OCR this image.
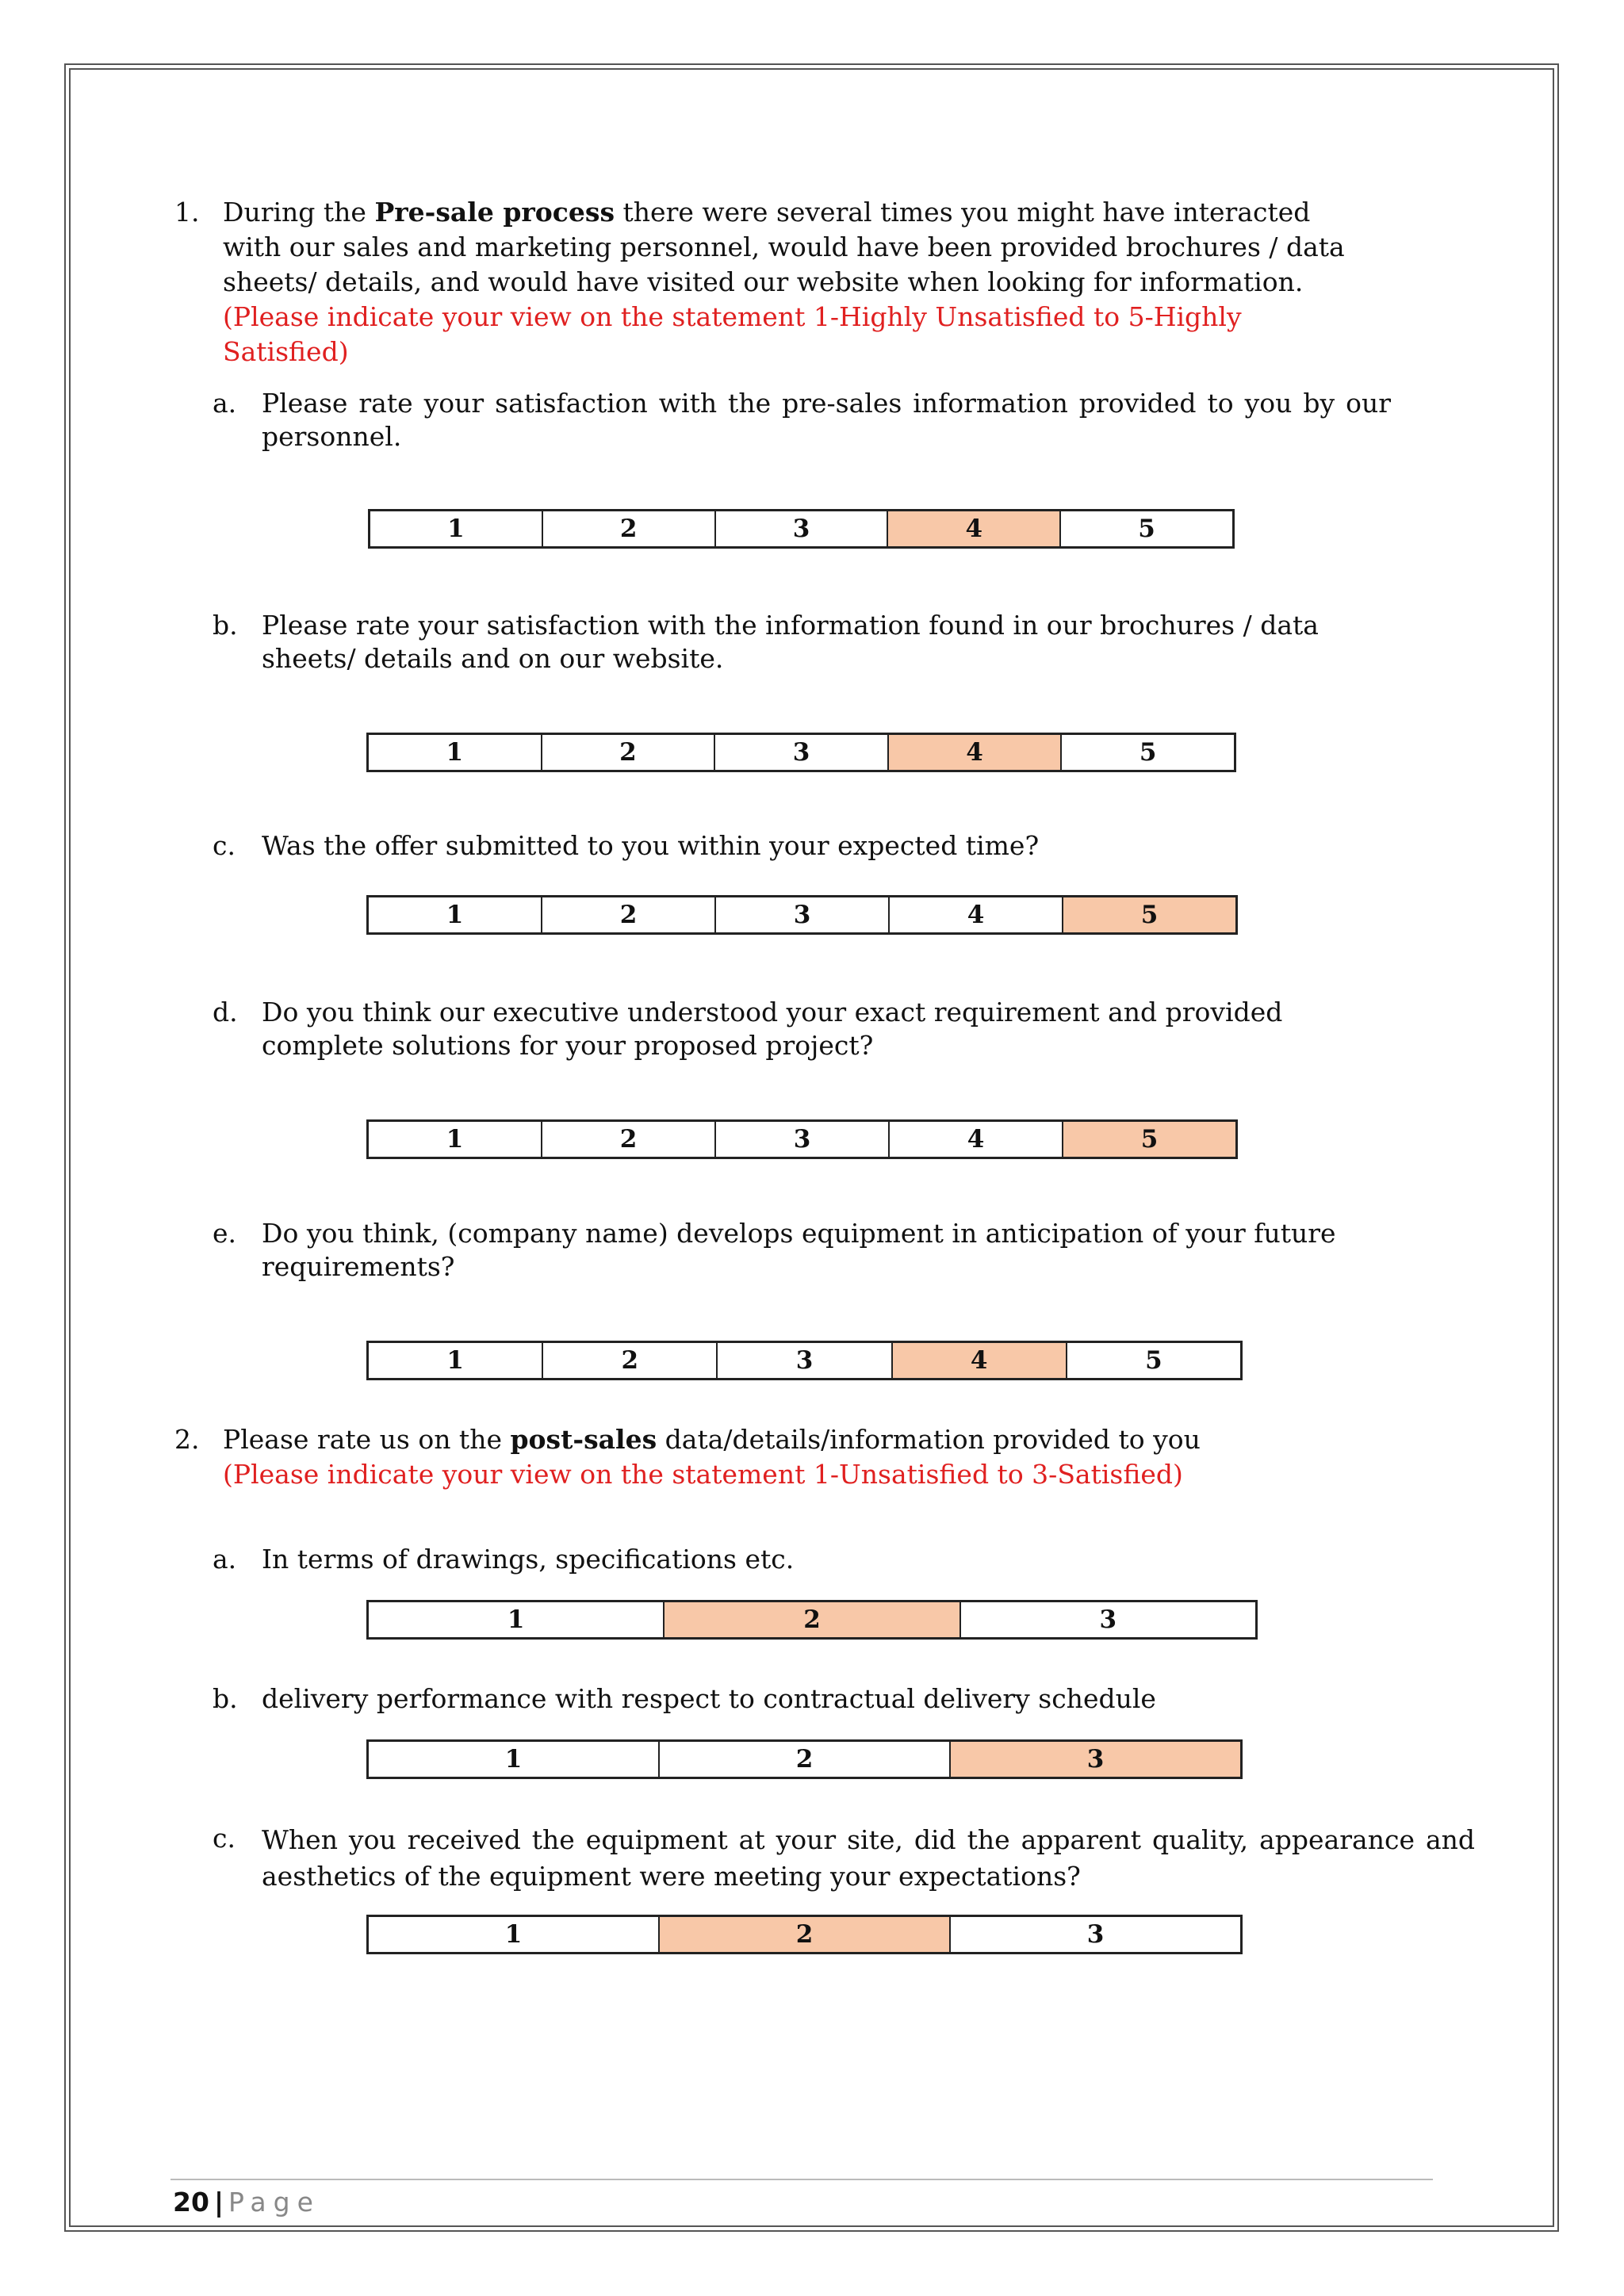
1. During the Pre-sale process there were several times you might have interacted with our sales and marketing personnel, would have been provided brochures / data sheets/ details, and would have visited our website when looking for information.
(Please indicate your view on the statement 1-Highly Unsatisfied to 5-Highly Satisfied)
a. Please rate your satisfaction with the pre-sales information provided to you by our personnel.
1	2	3	4	5
b. Please rate your satisfaction with the information found in our brochures / data sheets/ details and on our website.
1	2	3	4	5
c. Was the offer submitted to you within your expected time?
1	2	3	4	5
d. Do you think our executive understood your exact requirement and provided complete solutions for your proposed project?
1	2	3	4	5
e. Do you think, (company name) develops equipment in anticipation of your future requirements?
1	2	3	4	5
2. Please rate us on the post-sales data/details/information provided to you
(Please indicate your view on the statement 1-Unsatisfied to 3-Satisfied)
a. In terms of drawings, specifications etc.
1	2	3
b. delivery performance with respect to contractual delivery schedule
1	2	3
c. When you received the equipment at your site, did the apparent quality, appearance and aesthetics of the equipment were meeting your expectations?
1	2	3
20 | Page
